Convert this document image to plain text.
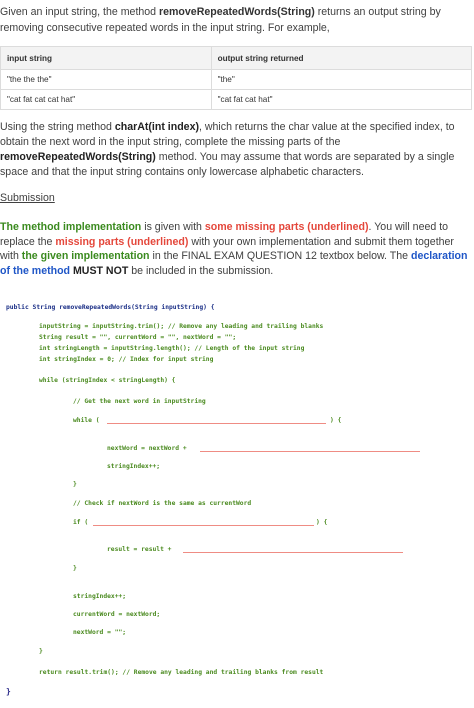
Given an input string, the method removeRepeatedWords(String) returns an output string by removing consecutive repeated words in the input string. For example,

input string	output string returned
"the the the"	"the"
"cat fat cat cat hat"	"cat fat cat hat"

Using the string method charAt(int index), which returns the char value at the specified index, to obtain the next word in the input string, complete the missing parts of the removeRepeatedWords(String) method. You may assume that words are separated by a single space and that the input string contains only lowercase alphabetic characters.

Submission

The method implementation is given with some missing parts (underlined). You will need to replace the missing parts (underlined) with your own implementation and submit them together with the given implementation in the FINAL EXAM QUESTION 12 textbox below. The declaration of the method MUST NOT be included in the submission.

public String removeRepeatedWords(String inputString) {
inputString = inputString.trim(); // Remove any leading and trailing blanks
String result = "", currentWord = "", nextWord = "";
int stringLength = inputString.length(); // Length of the input string
int stringIndex = 0; // Index for input string
while (stringIndex < stringLength) {
// Get the next word in inputString
while (	) {
nextWord = nextWord +
stringIndex++;
}
// Check if nextWord is the same as currentWord
if (	) {
result = result +
}
stringIndex++;
currentWord = nextWord;
nextWord = "";
}
return result.trim(); // Remove any leading and trailing blanks from result
}
